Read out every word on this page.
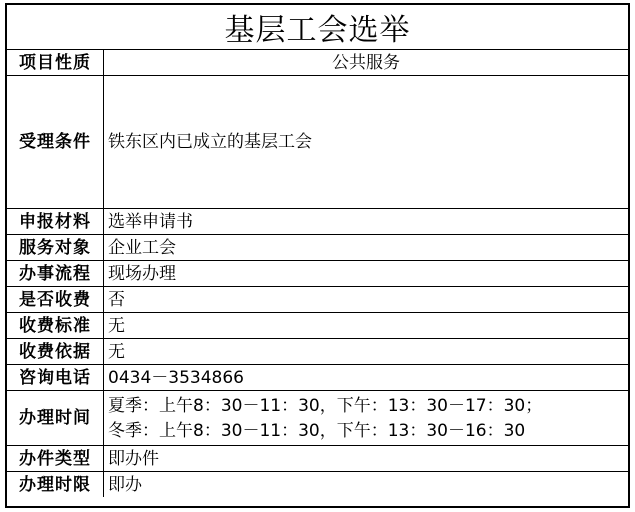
基层工会选举
项目性质	公共服务
受理条件	铁东区内已成立的基层工会
申报材料	选举申请书
服务对象	企业工会
办事流程	现场办理
是否收费	否
收费标准	无
收费依据	无
咨询电话	0434－3534866
办理时间	夏季：上午8：30－11：30，下午：13：30－17：30；
冬季：上午8：30－11：30，下午：13：30－16：30

办件类型	即办件
办理时限	即办
